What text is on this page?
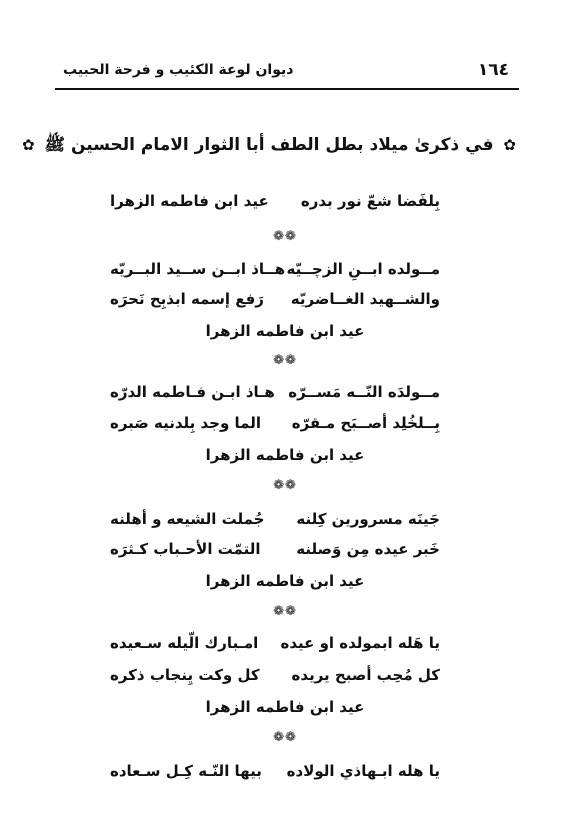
١٦٤
ديوان لوعة الكئيب و فرحة الحبيب
✿ في ذكرىٰ ميلاد بطل الطف أبا الثوار الامام الحسين ﷺ ✿
بِلفَضا شعّ نور بدره
عيد ابن فاطمه الزهرا
❁❁
مــولده ابــنِ الزچــيّه
هــاذ ابــن ســيد البــريّه
والشــهيد الغــاضريّه
رَفع إسمه ابذبِح نَحرَه
عيد ابن فاطمه الزهرا
❁❁
مــولدَه النّــه مَســرّه
هـاذ ابـن فـاطمه الدرّه
بِــلخُلِد أصــبَح مـقرّه
الما وجد بِلدنيه صَبره
عيد ابن فاطمه الزهرا
❁❁
جَينَه مسرورين كِلنه
جُملت الشيعه و أهلنه
خَبر عيده مِن وَصلنه
التمّت الأحـباب كـثرَه
عيد ابن فاطمه الزهرا
❁❁
يا هَله ابمولده او عيده
امـبارك الّيله سـعيده
كل مُحِب أصبح يريده
كل وكت يِنجاب ذكره
عيد ابن فاطمه الزهرا
❁❁
يا هله ابـهاذي الولاده
بيها النّـه كِـل سـعاده
